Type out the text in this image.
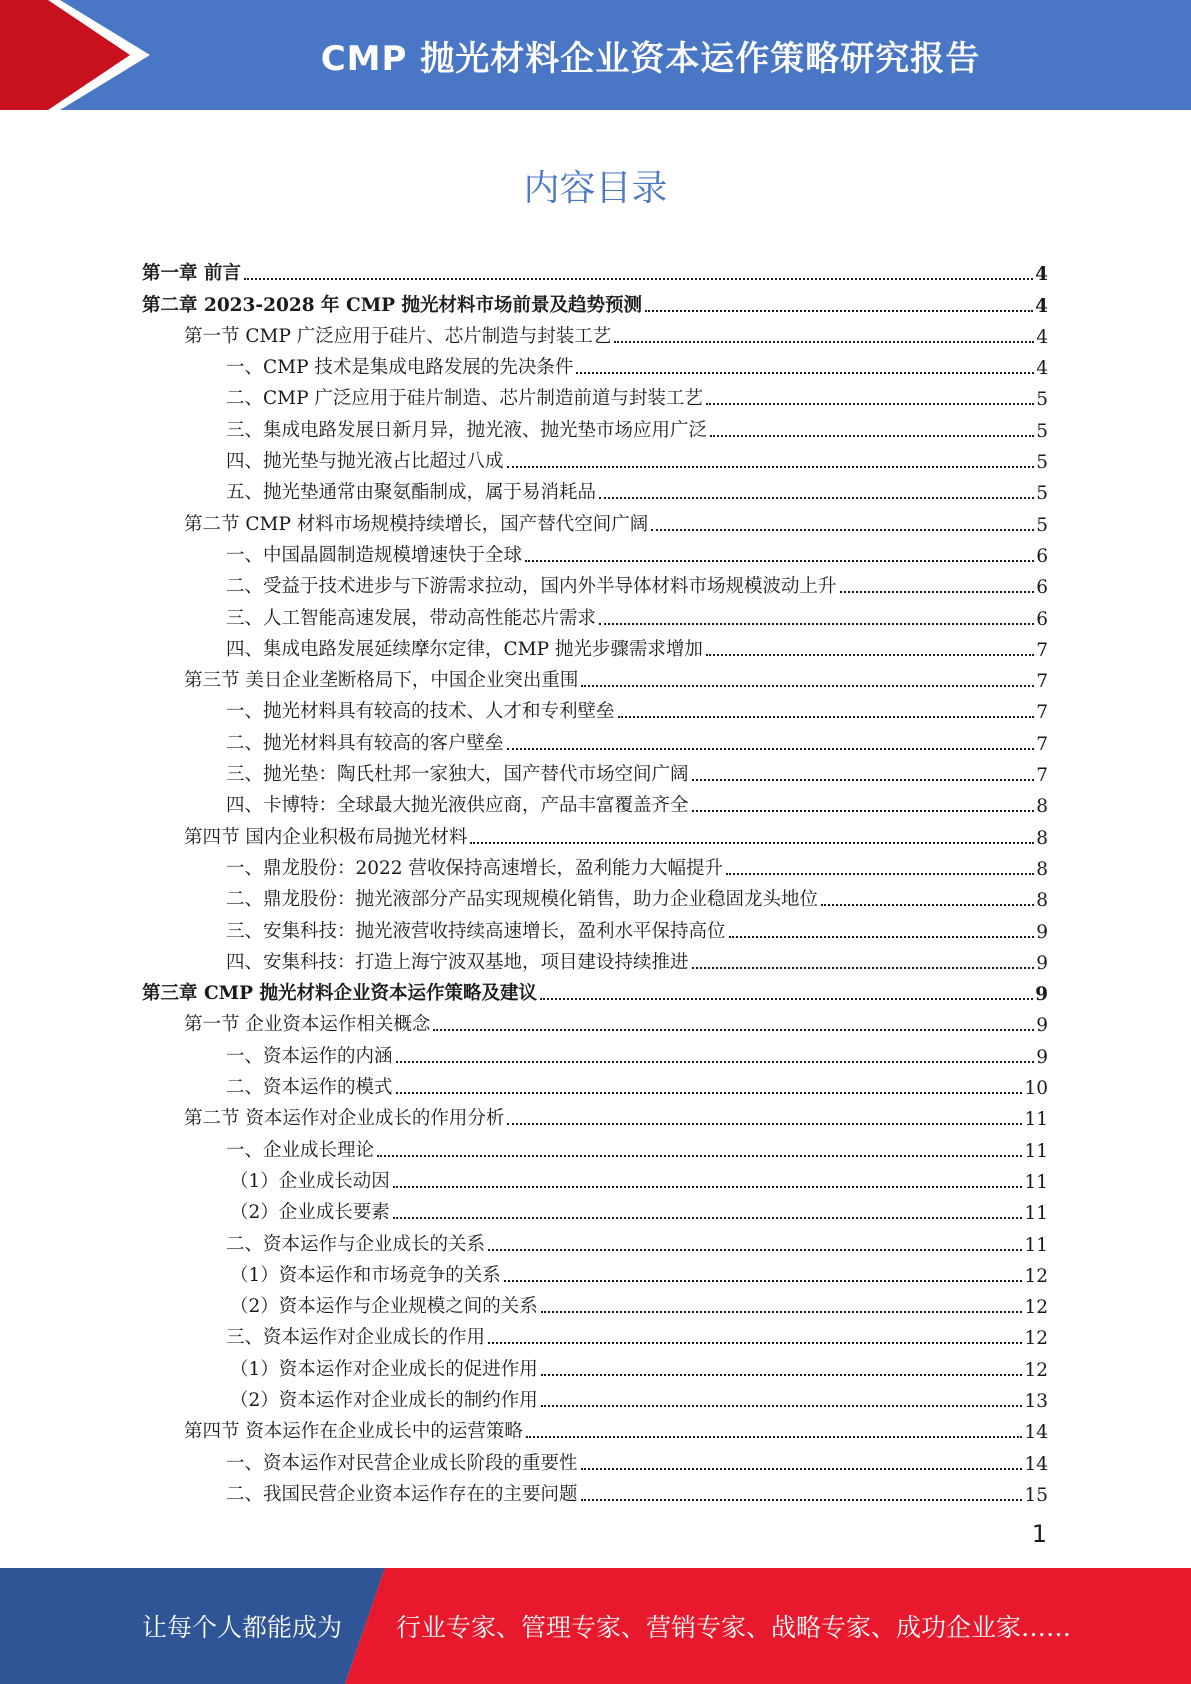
CMP 抛光材料企业资本运作策略研究报告
内容目录
第一章 前言	4
第二章 2023-2028 年 CMP 抛光材料市场前景及趋势预测	4
第一节 CMP 广泛应用于硅片、芯片制造与封装工艺	4
一、CMP 技术是集成电路发展的先决条件	4
二、CMP 广泛应用于硅片制造、芯片制造前道与封装工艺	5
三、集成电路发展日新月异，抛光液、抛光垫市场应用广泛	5
四、抛光垫与抛光液占比超过八成	5
五、抛光垫通常由聚氨酯制成，属于易消耗品	5
第二节 CMP 材料市场规模持续增长，国产替代空间广阔	5
一、中国晶圆制造规模增速快于全球	6
二、受益于技术进步与下游需求拉动，国内外半导体材料市场规模波动上升	6
三、人工智能高速发展，带动高性能芯片需求	6
四、集成电路发展延续摩尔定律，CMP 抛光步骤需求增加	7
第三节 美日企业垄断格局下，中国企业突出重围	7
一、抛光材料具有较高的技术、人才和专利壁垒	7
二、抛光材料具有较高的客户壁垒	7
三、抛光垫：陶氏杜邦一家独大，国产替代市场空间广阔	7
四、卡博特：全球最大抛光液供应商，产品丰富覆盖齐全	8
第四节 国内企业积极布局抛光材料	8
一、鼎龙股份：2022 营收保持高速增长，盈利能力大幅提升	8
二、鼎龙股份：抛光液部分产品实现规模化销售，助力企业稳固龙头地位	8
三、安集科技：抛光液营收持续高速增长，盈利水平保持高位	9
四、安集科技：打造上海宁波双基地，项目建设持续推进	9
第三章 CMP 抛光材料企业资本运作策略及建议	9
第一节 企业资本运作相关概念	9
一、资本运作的内涵	9
二、资本运作的模式	10
第二节 资本运作对企业成长的作用分析	11
一、企业成长理论	11
（1）企业成长动因	11
（2）企业成长要素	11
二、资本运作与企业成长的关系	11
（1）资本运作和市场竞争的关系	12
（2）资本运作与企业规模之间的关系	12
三、资本运作对企业成长的作用	12
（1）资本运作对企业成长的促进作用	12
（2）资本运作对企业成长的制约作用	13
第四节 资本运作在企业成长中的运营策略	14
一、资本运作对民营企业成长阶段的重要性	14
二、我国民营企业资本运作存在的主要问题	15
1
让每个人都能成为 行业专家、管理专家、营销专家、战略专家、成功企业家……
